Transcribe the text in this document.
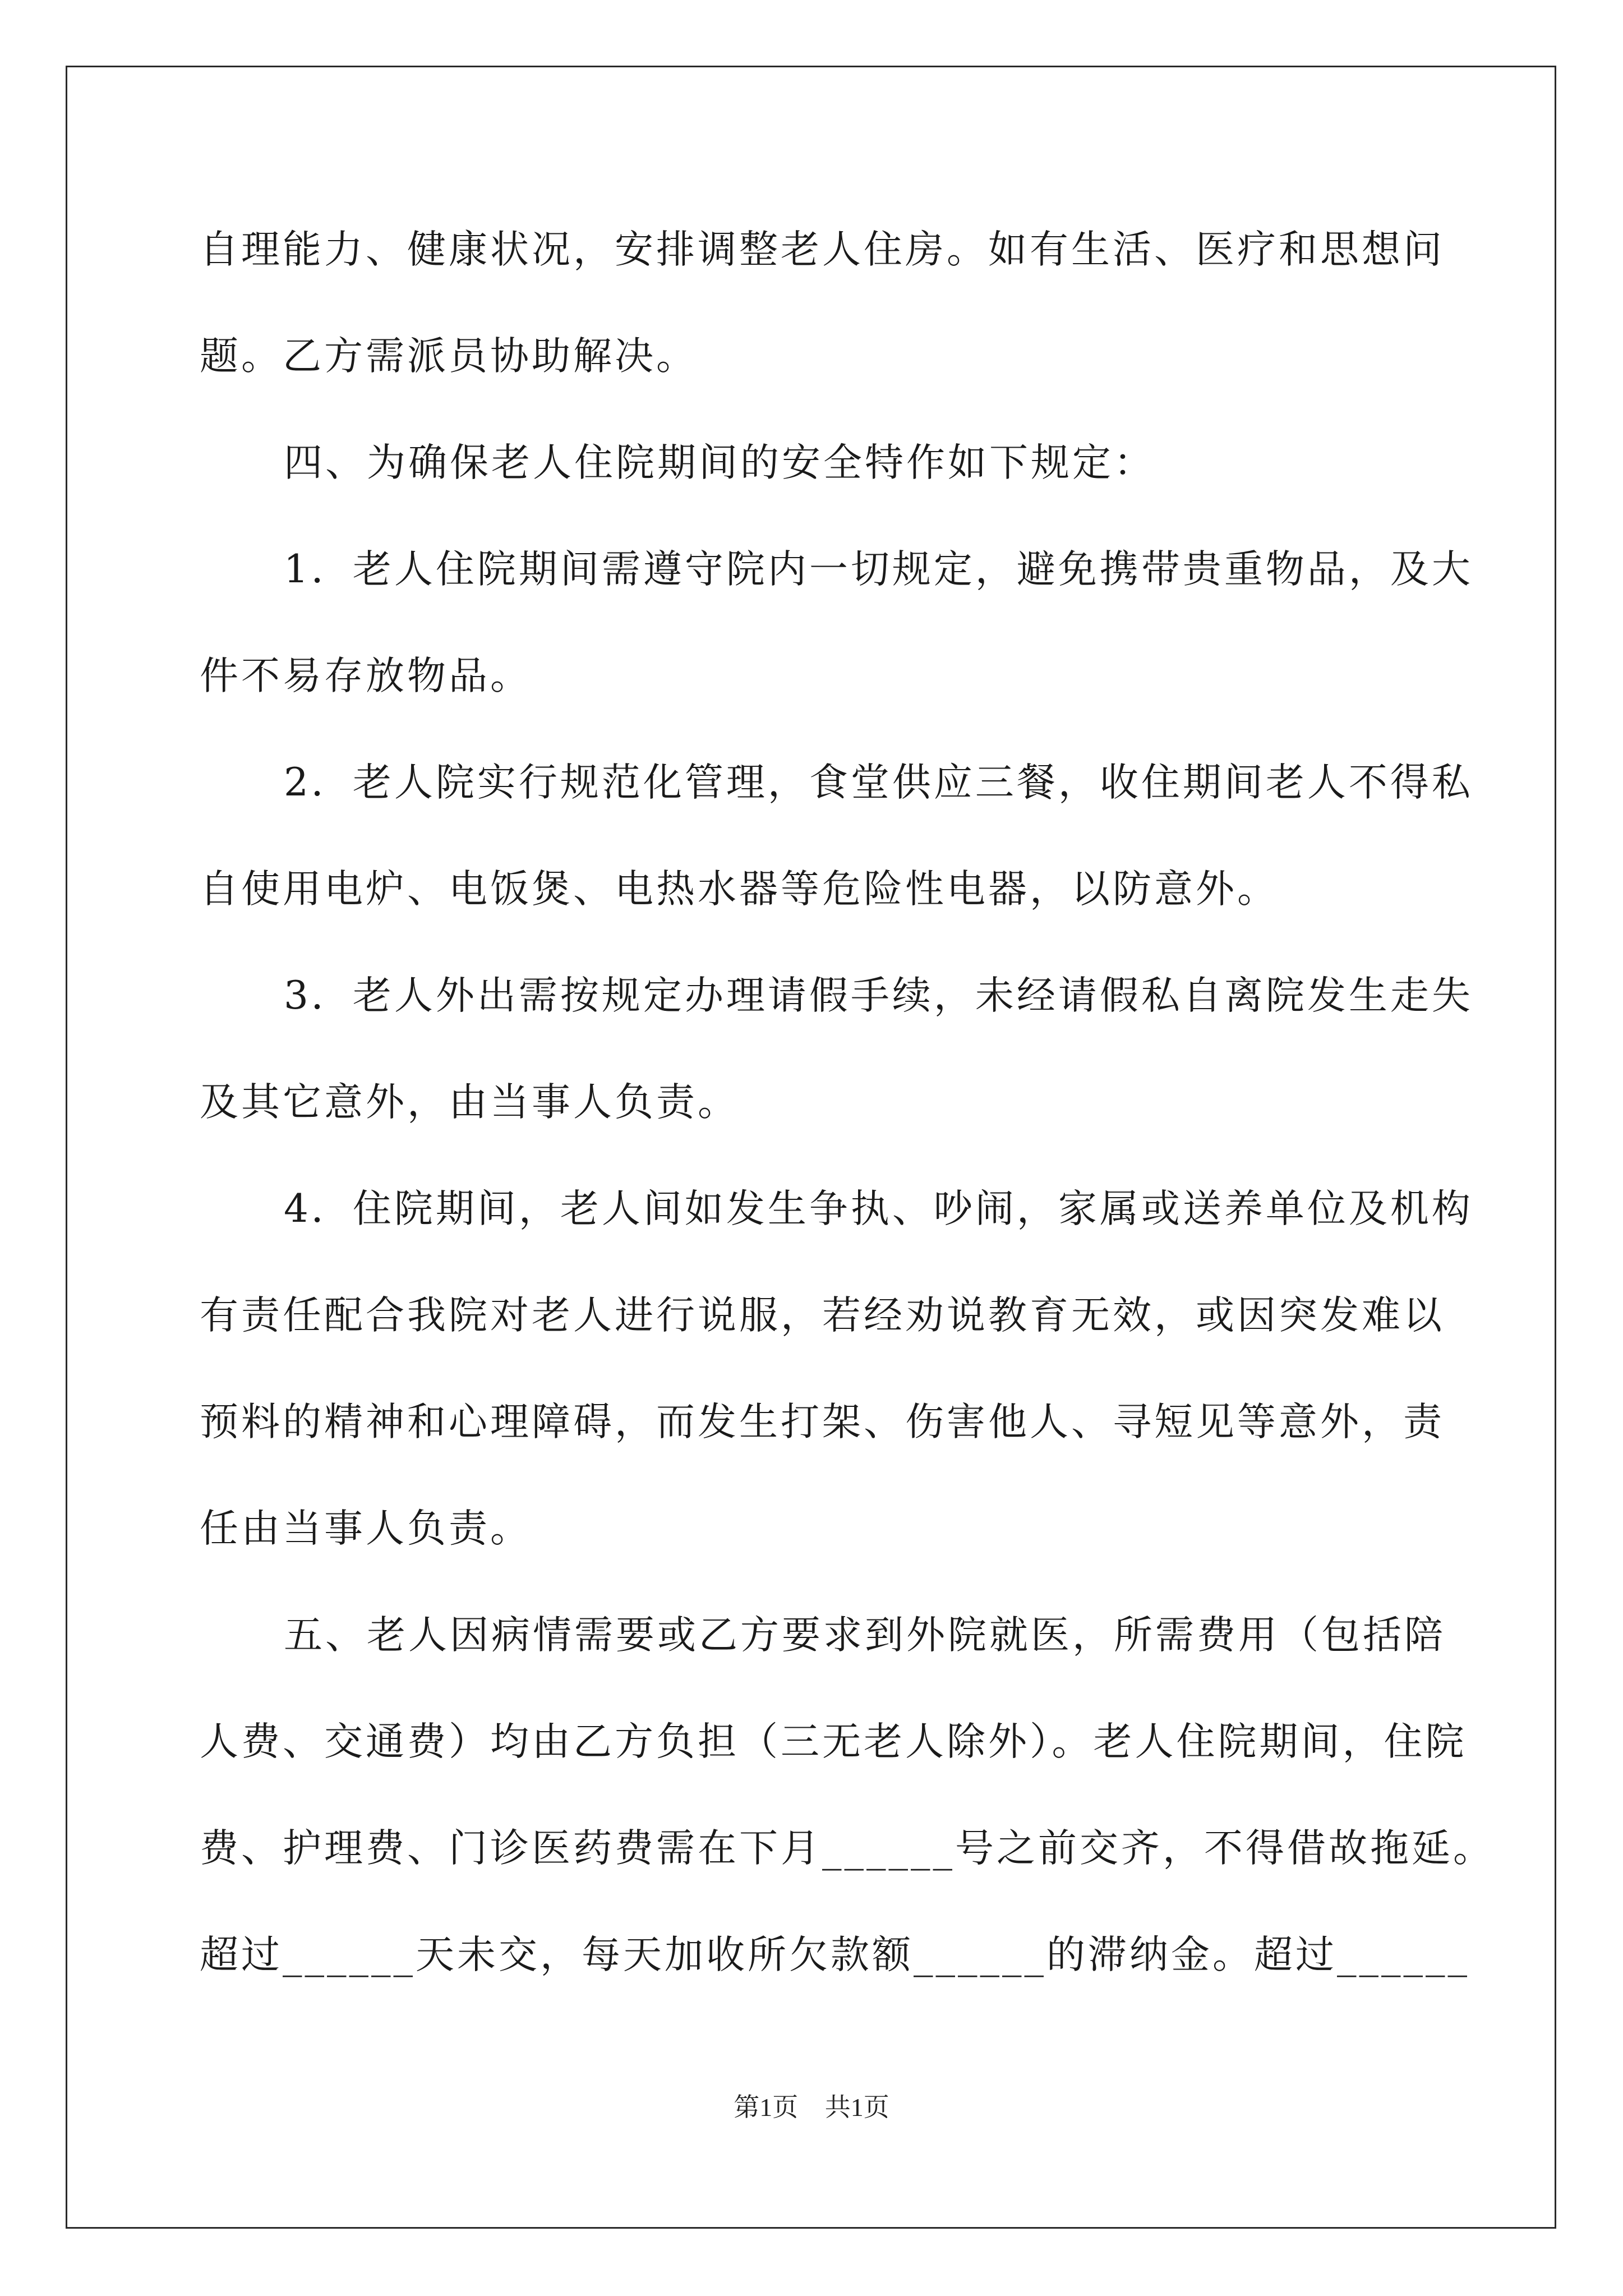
自理能力、健康状况，安排调整老人住房。如有生活、医疗和思想问
题。乙方需派员协助解决。
四、为确保老人住院期间的安全特作如下规定：
1．老人住院期间需遵守院内一切规定，避免携带贵重物品，及大
件不易存放物品。
2．老人院实行规范化管理，食堂供应三餐，收住期间老人不得私
自使用电炉、电饭煲、电热水器等危险性电器，以防意外。
3．老人外出需按规定办理请假手续，未经请假私自离院发生走失
及其它意外，由当事人负责。
4．住院期间，老人间如发生争执、吵闹，家属或送养单位及机构
有责任配合我院对老人进行说服，若经劝说教育无效，或因突发难以
预料的精神和心理障碍，而发生打架、伤害他人、寻短见等意外，责
任由当事人负责。
五、老人因病情需要或乙方要求到外院就医，所需费用（包括陪
人费、交通费）均由乙方负担（三无老人除外）。老人住院期间，住院
费、护理费、门诊医药费需在下月______号之前交齐，不得借故拖延。
超过______天未交，每天加收所欠款额______的滞纳金。超过______
第1页 共1页
